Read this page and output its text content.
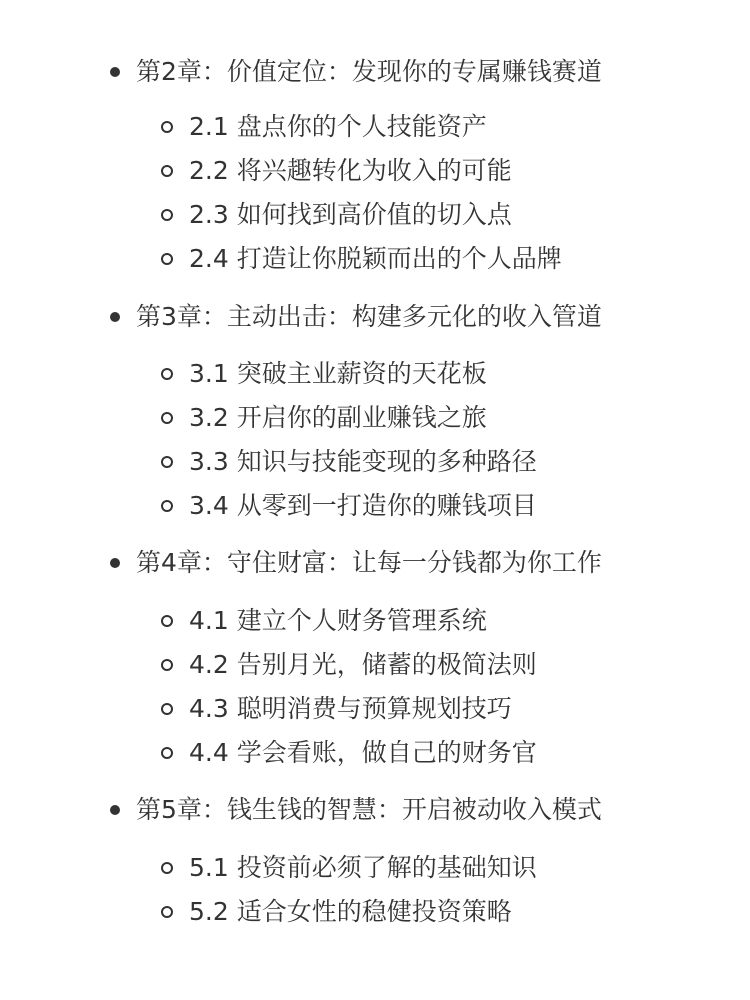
第2章：价值定位：发现你的专属赚钱赛道
2.1 盘点你的个人技能资产
2.2 将兴趣转化为收入的可能
2.3 如何找到高价值的切入点
2.4 打造让你脱颖而出的个人品牌
第3章：主动出击：构建多元化的收入管道
3.1 突破主业薪资的天花板
3.2 开启你的副业赚钱之旅
3.3 知识与技能变现的多种路径
3.4 从零到一打造你的赚钱项目
第4章：守住财富：让每一分钱都为你工作
4.1 建立个人财务管理系统
4.2 告别月光，储蓄的极简法则
4.3 聪明消费与预算规划技巧
4.4 学会看账，做自己的财务官
第5章：钱生钱的智慧：开启被动收入模式
5.1 投资前必须了解的基础知识
5.2 适合女性的稳健投资策略
